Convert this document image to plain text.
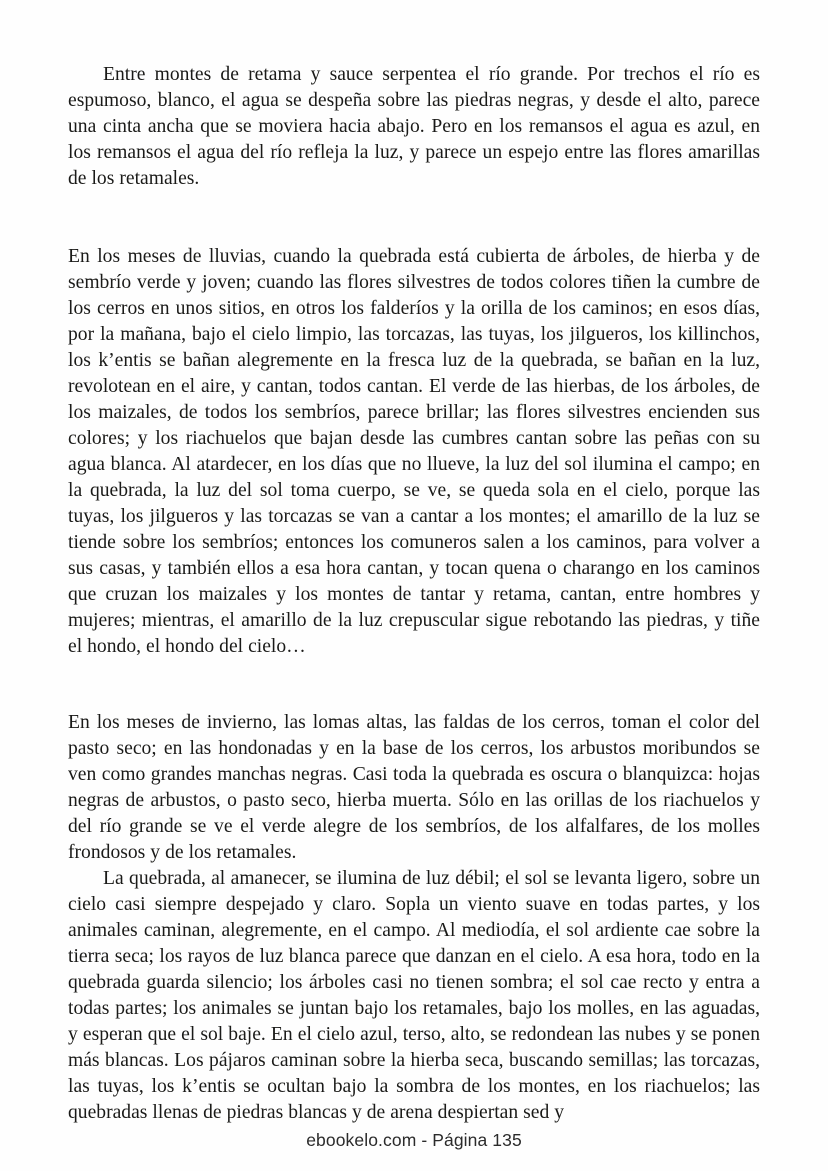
Entre montes de retama y sauce serpentea el río grande. Por trechos el río es espumoso, blanco, el agua se despeña sobre las piedras negras, y desde el alto, parece una cinta ancha que se moviera hacia abajo. Pero en los remansos el agua es azul, en los remansos el agua del río refleja la luz, y parece un espejo entre las flores amarillas de los retamales.

En los meses de lluvias, cuando la quebrada está cubierta de árboles, de hierba y de sembrío verde y joven; cuando las flores silvestres de todos colores tiñen la cumbre de los cerros en unos sitios, en otros los falderíos y la orilla de los caminos; en esos días, por la mañana, bajo el cielo limpio, las torcazas, las tuyas, los jilgueros, los killinchos, los k’entis se bañan alegremente en la fresca luz de la quebrada, se bañan en la luz, revolotean en el aire, y cantan, todos cantan. El verde de las hierbas, de los árboles, de los maizales, de todos los sembríos, parece brillar; las flores silvestres encienden sus colores; y los riachuelos que bajan desde las cumbres cantan sobre las peñas con su agua blanca. Al atardecer, en los días que no llueve, la luz del sol ilumina el campo; en la quebrada, la luz del sol toma cuerpo, se ve, se queda sola en el cielo, porque las tuyas, los jilgueros y las torcazas se van a cantar a los montes; el amarillo de la luz se tiende sobre los sembríos; entonces los comuneros salen a los caminos, para volver a sus casas, y también ellos a esa hora cantan, y tocan quena o charango en los caminos que cruzan los maizales y los montes de tantar y retama, cantan, entre hombres y mujeres; mientras, el amarillo de la luz crepuscular sigue rebotando las piedras, y tiñe el hondo, el hondo del cielo…

En los meses de invierno, las lomas altas, las faldas de los cerros, toman el color del pasto seco; en las hondonadas y en la base de los cerros, los arbustos moribundos se ven como grandes manchas negras. Casi toda la quebrada es oscura o blanquizca: hojas negras de arbustos, o pasto seco, hierba muerta. Sólo en las orillas de los riachuelos y del río grande se ve el verde alegre de los sembríos, de los alfalfares, de los molles frondosos y de los retamales.

La quebrada, al amanecer, se ilumina de luz débil; el sol se levanta ligero, sobre un cielo casi siempre despejado y claro. Sopla un viento suave en todas partes, y los animales caminan, alegremente, en el campo. Al mediodía, el sol ardiente cae sobre la tierra seca; los rayos de luz blanca parece que danzan en el cielo. A esa hora, todo en la quebrada guarda silencio; los árboles casi no tienen sombra; el sol cae recto y entra a todas partes; los animales se juntan bajo los retamales, bajo los molles, en las aguadas, y esperan que el sol baje. En el cielo azul, terso, alto, se redondean las nubes y se ponen más blancas. Los pájaros caminan sobre la hierba seca, buscando semillas; las torcazas, las tuyas, los k’entis se ocultan bajo la sombra de los montes, en los riachuelos; las quebradas llenas de piedras blancas y de arena despiertan sed y

ebookelo.com - Página 135
